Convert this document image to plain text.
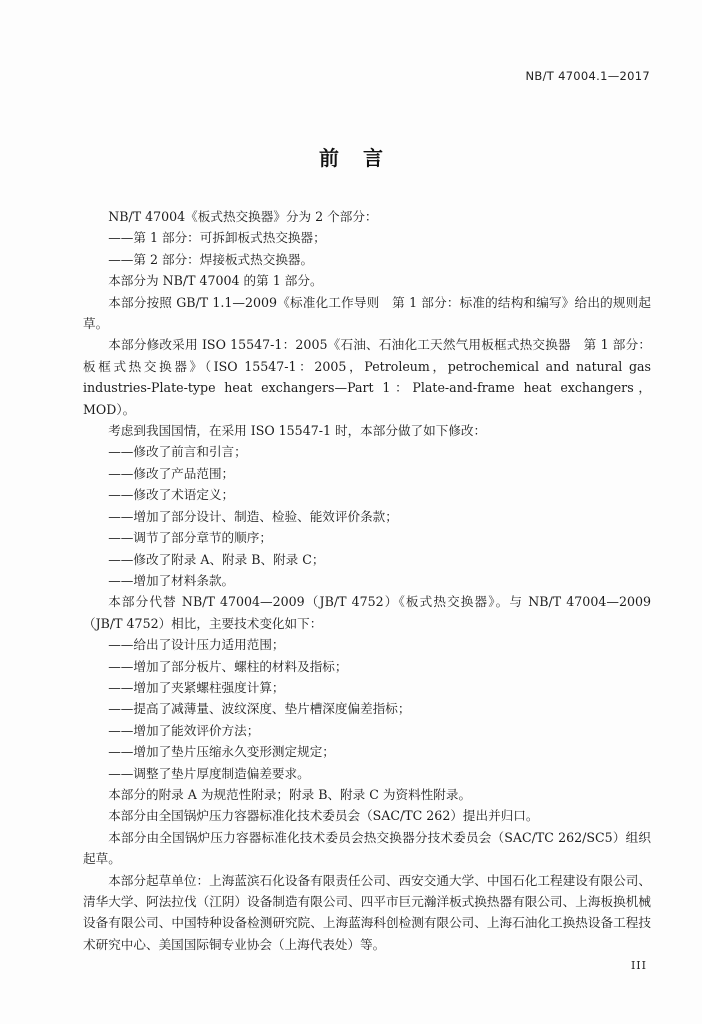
NB/T 47004.1—2017
前言

NB/T 47004《板式热交换器》分为 2 个部分：

——第 1 部分：可拆卸板式热交换器；

——第 2 部分：焊接板式热交换器。

本部分为 NB/T 47004 的第 1 部分。

本部分按照 GB/T 1.1—2009《标准化工作导则　第 1 部分：标准的结构和编写》给出的规则起草。

本部分修改采用 ISO 15547-1：2005《石油、石油化工天然气用板框式热交换器　第 1 部分：板框式热交换器》（ISO 15547-1：2005，Petroleum，petrochemical and natural gas industries-Plate-type heat exchangers—Part 1：Plate-and-frame heat exchangers，MOD）。

考虑到我国国情，在采用 ISO 15547-1 时，本部分做了如下修改：

——修改了前言和引言；

——修改了产品范围；

——修改了术语定义；

——增加了部分设计、制造、检验、能效评价条款；

——调节了部分章节的顺序；

——修改了附录 A、附录 B、附录 C；

——增加了材料条款。

本部分代替 NB/T 47004—2009（JB/T 4752）《板式热交换器》。与 NB/T 47004—2009（JB/T 4752）相比，主要技术变化如下：

——给出了设计压力适用范围；

——增加了部分板片、螺柱的材料及指标；

——增加了夹紧螺柱强度计算；

——提高了减薄量、波纹深度、垫片槽深度偏差指标；

——增加了能效评价方法；

——增加了垫片压缩永久变形测定规定；

——调整了垫片厚度制造偏差要求。

本部分的附录 A 为规范性附录；附录 B、附录 C 为资料性附录。

本部分由全国锅炉压力容器标准化技术委员会（SAC/TC 262）提出并归口。

本部分由全国锅炉压力容器标准化技术委员会热交换器分技术委员会（SAC/TC 262/SC5）组织起草。

本部分起草单位：上海蓝滨石化设备有限责任公司、西安交通大学、中国石化工程建设有限公司、清华大学、阿法拉伐（江阴）设备制造有限公司、四平市巨元瀚洋板式换热器有限公司、上海板换机械设备有限公司、中国特种设备检测研究院、上海蓝海科创检测有限公司、上海石油化工换热设备工程技术研究中心、美国国际铜专业协会（上海代表处）等。

III
